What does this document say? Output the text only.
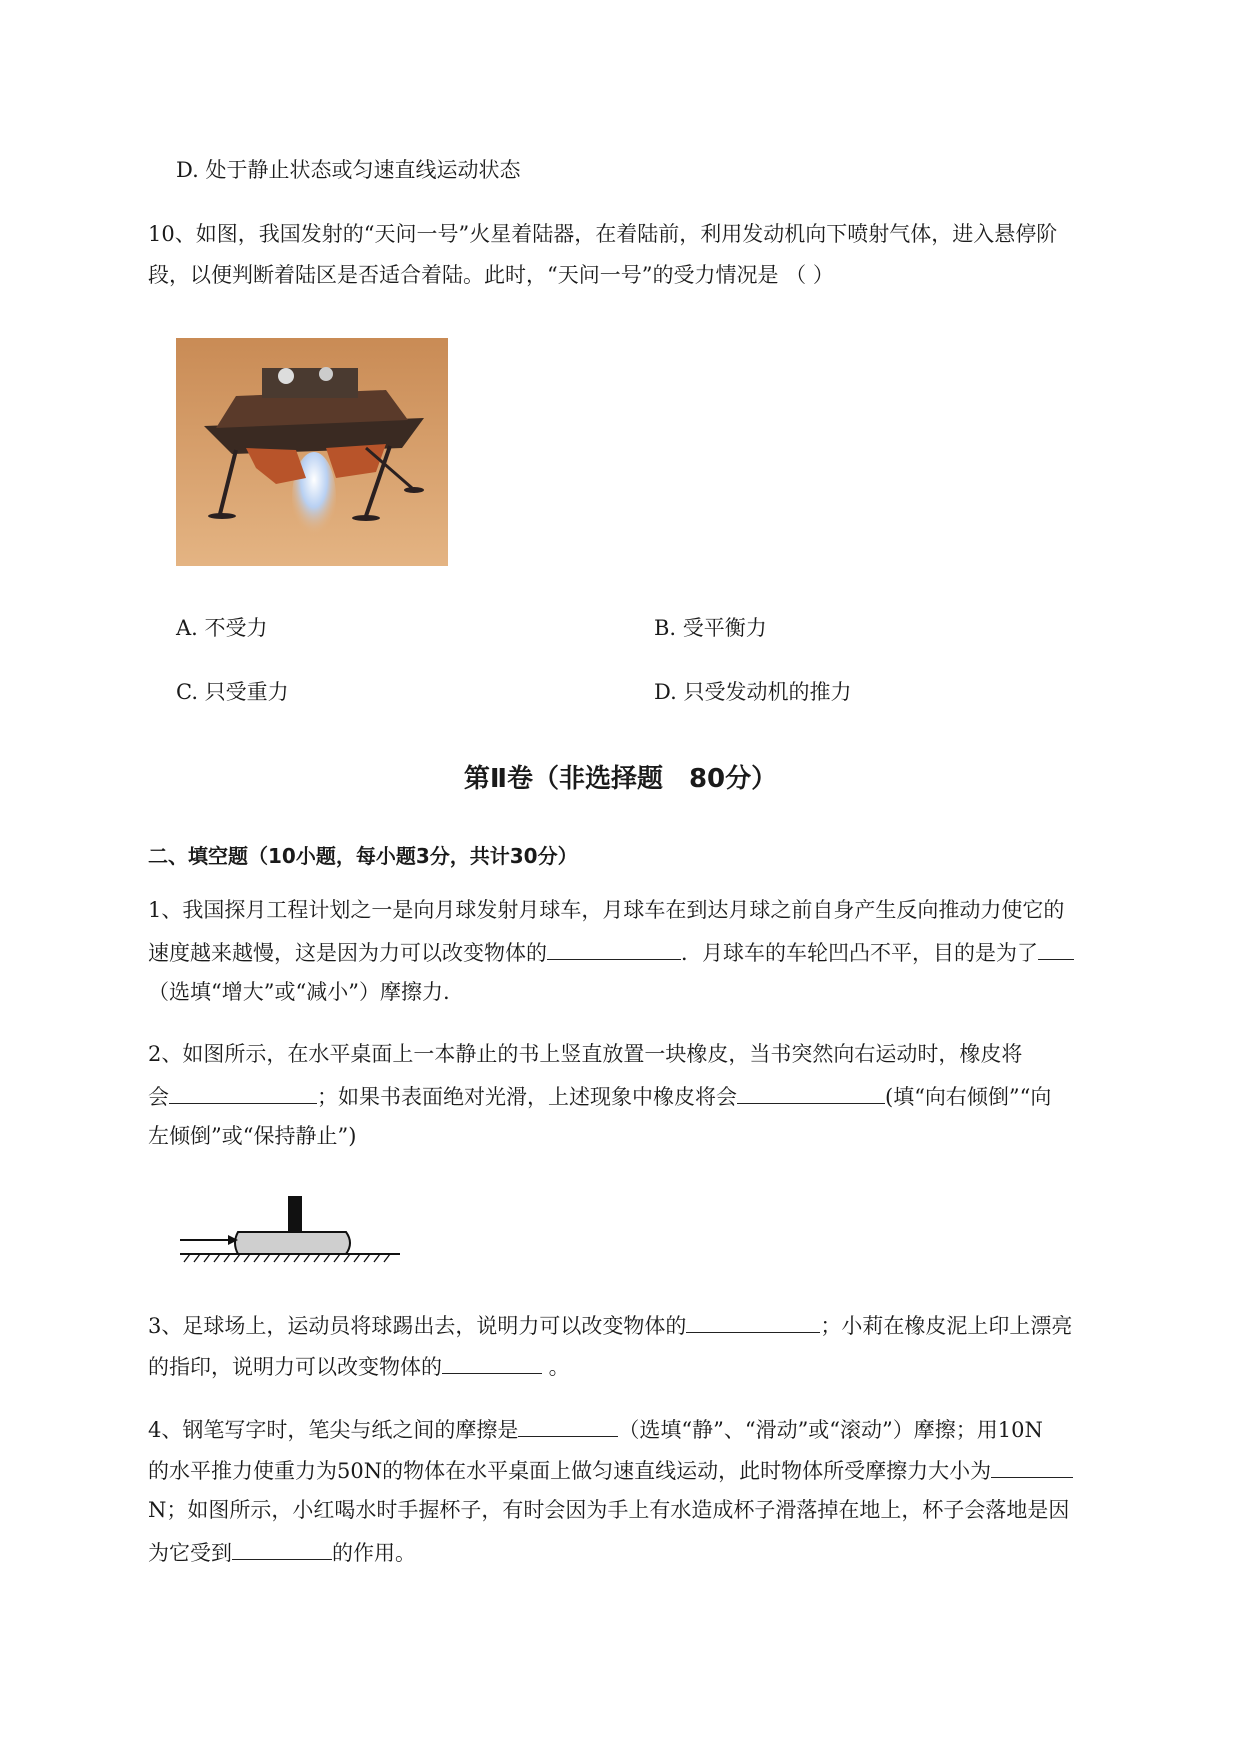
D. 处于静止状态或匀速直线运动状态
10、如图，我国发射的“天问一号”火星着陆器，在着陆前，利用发动机向下喷射气体，进入悬停阶
段，以便判断着陆区是否适合着陆。此时，“天问一号”的受力情况是 （ ）
A. 不受力	B. 受平衡力
C. 只受重力	D. 只受发动机的推力
第Ⅱ卷（非选择题　80分）
二、填空题（10小题，每小题3分，共计30分）
1、我国探月工程计划之一是向月球发射月球车，月球车在到达月球之前自身产生反向推动力使它的
速度越来越慢，这是因为力可以改变物体的	．月球车的车轮凹凸不平，目的是为了
（选填“增大”或“减小”）摩擦力.
2、如图所示，在水平桌面上一本静止的书上竖直放置一块橡皮，当书突然向右运动时，橡皮将
会	；如果书表面绝对光滑，上述现象中橡皮将会	(填“向右倾倒”“向
左倾倒”或“保持静止”)
3、足球场上，运动员将球踢出去，说明力可以改变物体的	；小莉在橡皮泥上印上漂亮
的指印，说明力可以改变物体的	。
4、钢笔写字时，笔尖与纸之间的摩擦是	（选填“静”、“滑动”或“滚动”）摩擦；用10N
的水平推力使重力为50N的物体在水平桌面上做匀速直线运动，此时物体所受摩擦力大小为
N；如图所示，小红喝水时手握杯子，有时会因为手上有水造成杯子滑落掉在地上，杯子会落地是因
为它受到	的作用。
